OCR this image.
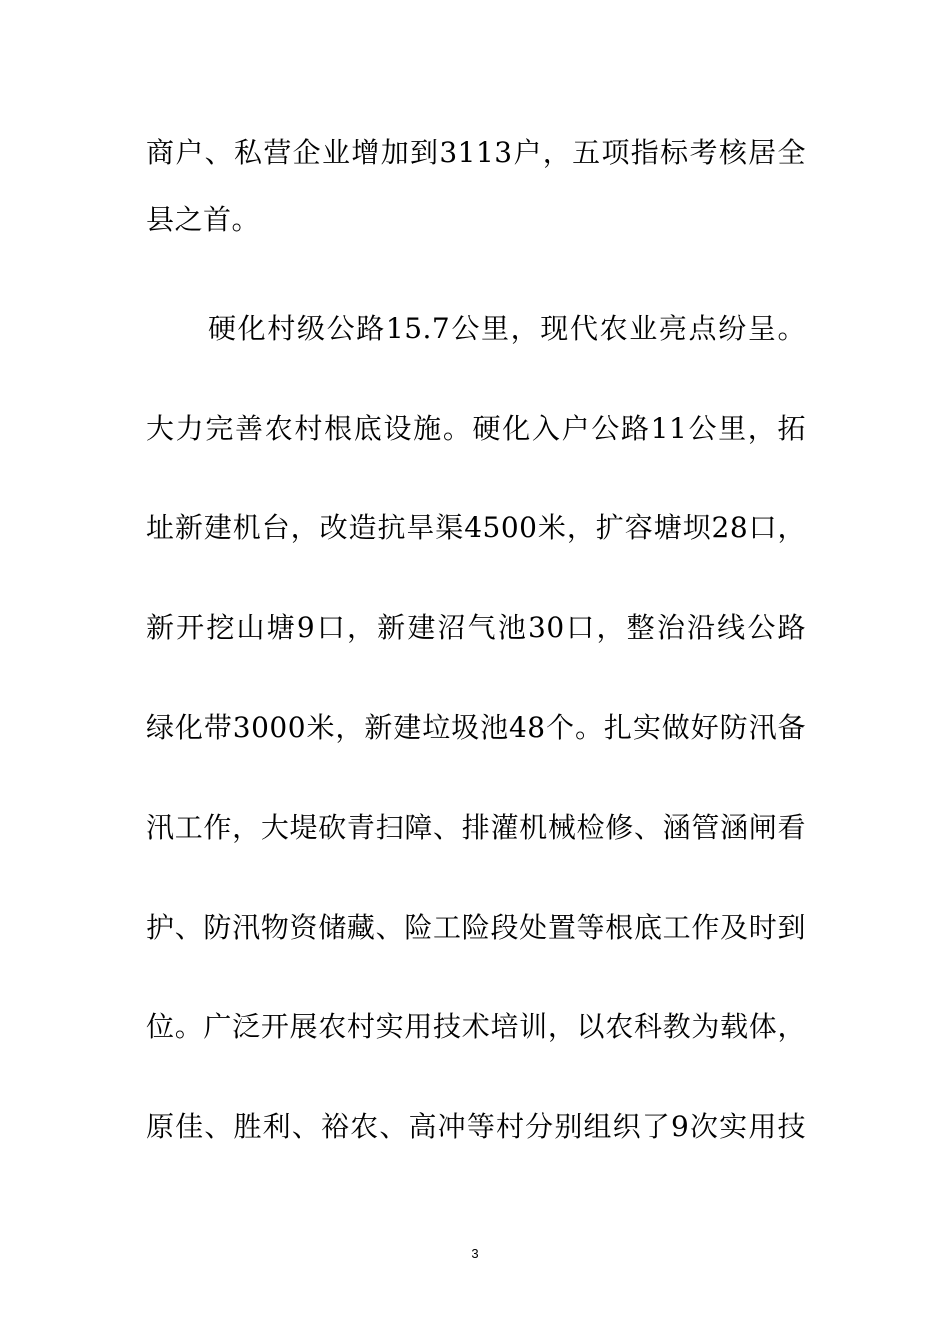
商户、私营企业增加到3113户，五项指标考核居全
县之首。
硬化村级公路15.7公里，现代农业亮点纷呈。
大力完善农村根底设施。硬化入户公路11公里，拓
址新建机台，改造抗旱渠4500米，扩容塘坝28口，
新开挖山塘9口，新建沼气池30口，整治沿线公路
绿化带3000米，新建垃圾池48个。扎实做好防汛备
汛工作，大堤砍青扫障、排灌机械检修、涵管涵闸看
护、防汛物资储藏、险工险段处置等根底工作及时到
位。广泛开展农村实用技术培训，以农科教为载体，
原佳、胜利、裕农、高冲等村分别组织了9次实用技
3
